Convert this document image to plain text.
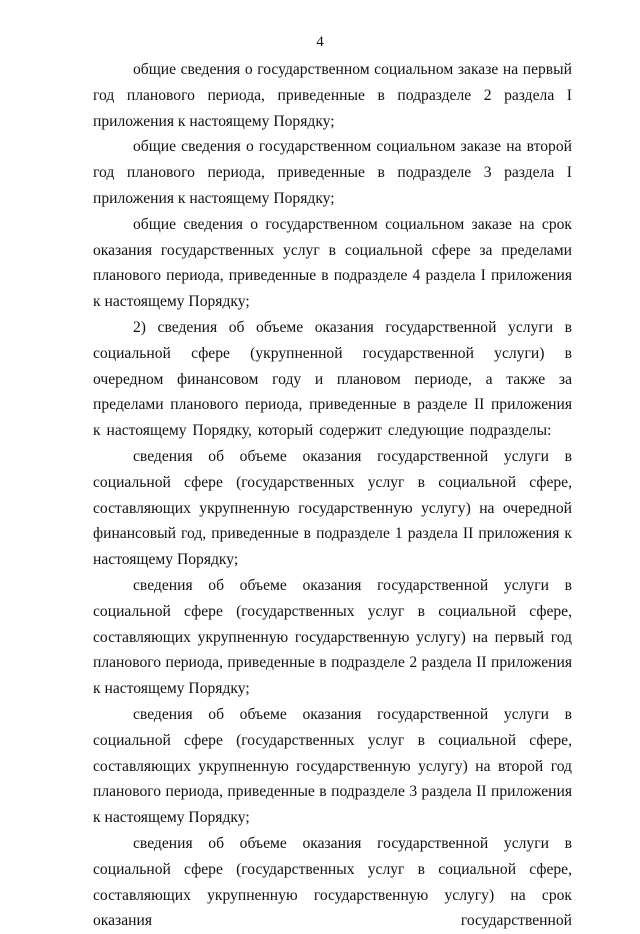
4

общие сведения о государственном социальном заказе на первый год планового периода, приведенные в подразделе 2 раздела I приложения к настоящему Порядку;

общие сведения о государственном социальном заказе на второй год планового периода, приведенные в подразделе 3 раздела I приложения к настоящему Порядку;

общие сведения о государственном социальном заказе на срок оказания государственных услуг в социальной сфере за пределами планового периода, приведенные в подразделе 4 раздела I приложения к настоящему Порядку;

2) сведения об объеме оказания государственной услуги в социальной сфере (укрупненной государственной услуги) в очередном финансовом году и плановом периоде, а также за пределами планового периода, приведенные в разделе II приложения к настоящему Порядку, который содержит следующие подразделы:

сведения об объеме оказания государственной услуги в социальной сфере (государственных услуг в социальной сфере, составляющих укрупненную государственную услугу) на очередной финансовый год, приведенные в подразделе 1 раздела II приложения к настоящему Порядку;

сведения об объеме оказания государственной услуги в социальной сфере (государственных услуг в социальной сфере, составляющих укрупненную государственную услугу) на первый год планового периода, приведенные в подразделе 2 раздела II приложения к настоящему Порядку;

сведения об объеме оказания государственной услуги в социальной сфере (государственных услуг в социальной сфере, составляющих укрупненную государственную услугу) на второй год планового периода, приведенные в подразделе 3 раздела II приложения к настоящему Порядку;

сведения об объеме оказания государственной услуги в социальной сфере (государственных услуг в социальной сфере, составляющих укрупненную государственную услугу) на срок оказания государственной
